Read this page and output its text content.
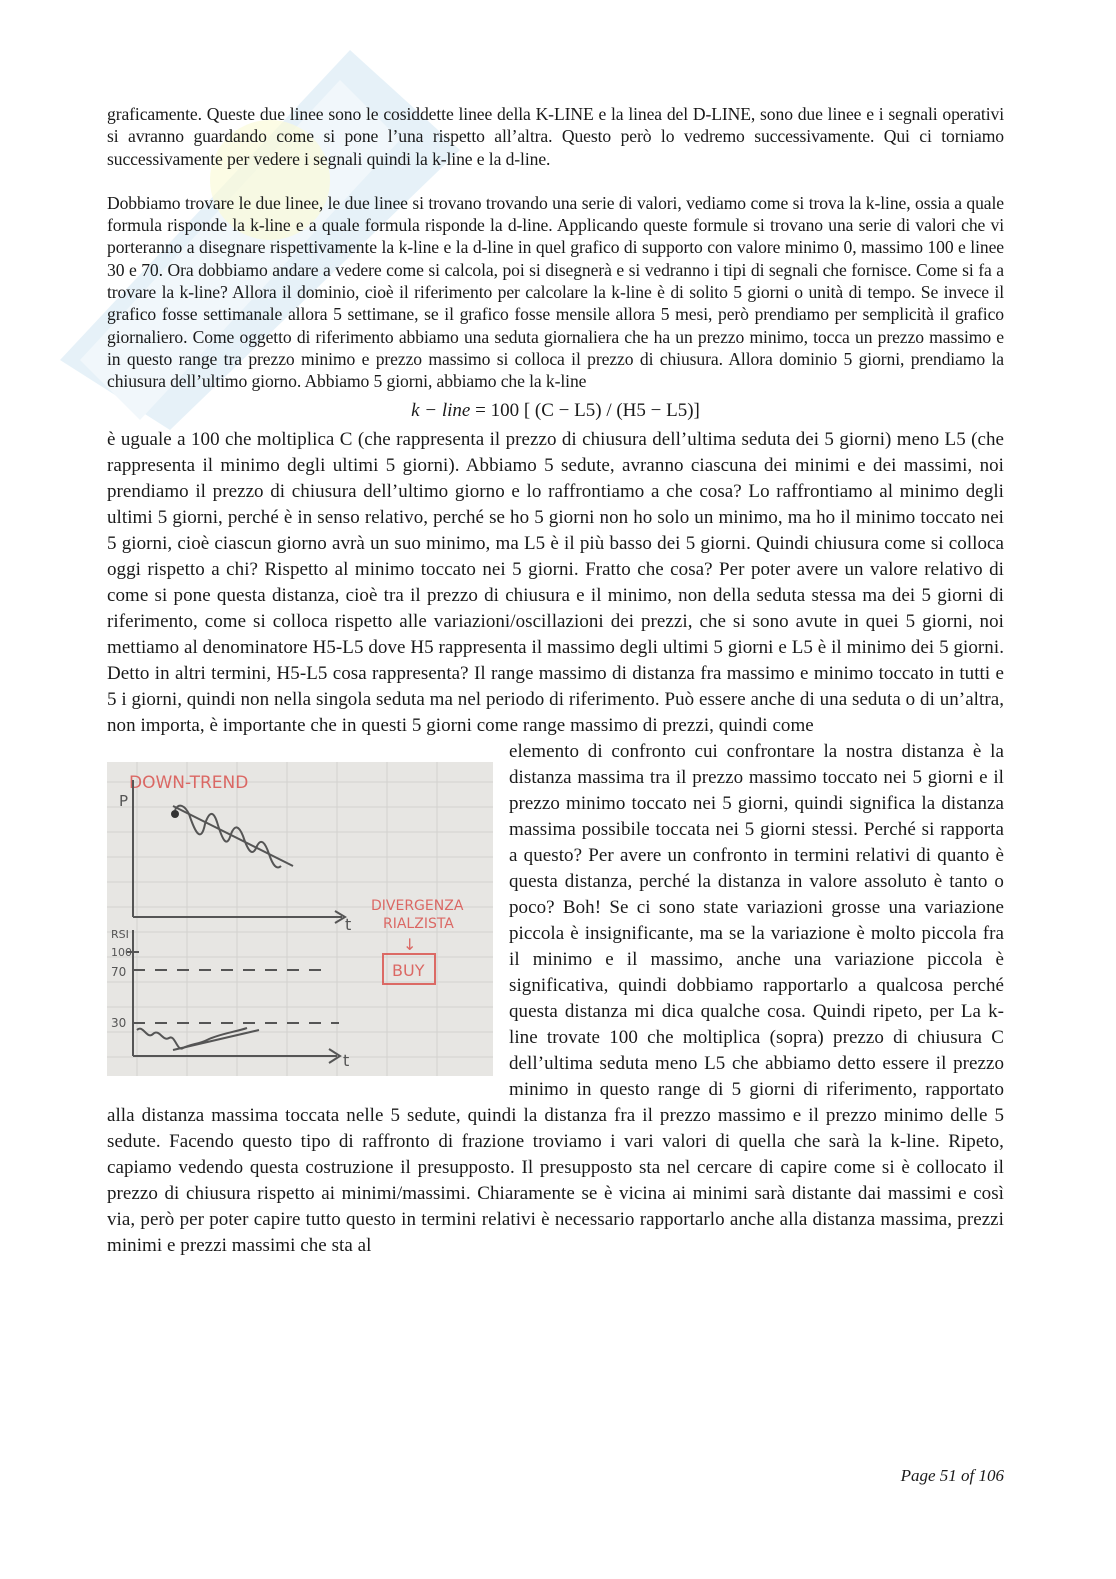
graficamente. Queste due linee sono le cosiddette linee della K-LINE e la linea del D-LINE, sono due linee e i segnali operativi si avranno guardando come si pone l’una rispetto all’altra. Questo però lo vedremo successivamente. Qui ci torniamo successivamente per vedere i segnali quindi la k-line e la d-line.

Dobbiamo trovare le due linee, le due linee si trovano trovando una serie di valori, vediamo come si trova la k-line, ossia a quale formula risponde la k-line e a quale formula risponde la d-line. Applicando queste formule si trovano una serie di valori che vi porteranno a disegnare rispettivamente la k-line e la d-line in quel grafico di supporto con valore minimo 0, massimo 100 e linee 30 e 70. Ora dobbiamo andare a vedere come si calcola, poi si disegnerà e si vedranno i tipi di segnali che fornisce. Come si fa a trovare la k-line? Allora il dominio, cioè il riferimento per calcolare la k-line è di solito 5 giorni o unità di tempo. Se invece il grafico fosse settimanale allora 5 settimane, se il grafico fosse mensile allora 5 mesi, però prendiamo per semplicità il grafico giornaliero. Come oggetto di riferimento abbiamo una seduta giornaliera che ha un prezzo minimo, tocca un prezzo massimo e in questo range tra prezzo minimo e prezzo massimo si colloca il prezzo di chiusura. Allora dominio 5 giorni, prendiamo la chiusura dell’ultimo giorno. Abbiamo 5 giorni, abbiamo che la k-line

k − line = 100 [ (C − L5) / (H5 − L5)]

è uguale a 100 che moltiplica C (che rappresenta il prezzo di chiusura dell’ultima seduta dei 5 giorni) meno L5 (che rappresenta il minimo degli ultimi 5 giorni). Abbiamo 5 sedute, avranno ciascuna dei minimi e dei massimi, noi prendiamo il prezzo di chiusura dell’ultimo giorno e lo raffrontiamo a che cosa? Lo raffrontiamo al minimo degli ultimi 5 giorni, perché è in senso relativo, perché se ho 5 giorni non ho solo un minimo, ma ho il minimo toccato nei 5 giorni, cioè ciascun giorno avrà un suo minimo, ma L5 è il più basso dei 5 giorni. Quindi chiusura come si colloca oggi rispetto a chi? Rispetto al minimo toccato nei 5 giorni. Fratto che cosa? Per poter avere un valore relativo di come si pone questa distanza, cioè tra il prezzo di chiusura e il minimo, non della seduta stessa ma dei 5 giorni di riferimento, come si colloca rispetto alle variazioni/oscillazioni dei prezzi, che si sono avute in quei 5 giorni, noi mettiamo al denominatore H5-L5 dove H5 rappresenta il massimo degli ultimi 5 giorni e L5 è il minimo dei 5 giorni. Detto in altri termini, H5-L5 cosa rappresenta? Il range massimo di distanza fra massimo e minimo toccato in tutti e 5 i giorni, quindi non nella singola seduta ma nel periodo di riferimento. Può essere anche di una seduta o di un’altra, non importa, è importante che in questi 5 giorni come range massimo di prezzi, quindi come

DOWN-TREND
P
t
RSI
100
70
30
t
DIVERGENZA
RIALZISTA
↓
BUY

elemento di confronto cui confrontare la nostra distanza è la distanza massima tra il prezzo massimo toccato nei 5 giorni e il prezzo minimo toccato nei 5 giorni, quindi significa la distanza massima possibile toccata nei 5 giorni stessi. Perché si rapporta a questo? Per avere un confronto in termini relativi di quanto è questa distanza, perché la distanza in valore assoluto è tanto o poco? Boh! Se ci sono state variazioni grosse una variazione piccola è insignificante, ma se la variazione è molto piccola fra il minimo e il massimo, anche una variazione piccola è significativa, quindi dobbiamo rapportarlo a qualcosa perché questa distanza mi dica qualche cosa. Quindi ripeto, per La k-line trovate 100 che moltiplica (sopra) prezzo di chiusura C dell’ultima seduta meno L5 che abbiamo detto essere il prezzo minimo in questo range di 5 giorni di riferimento, rapportato alla distanza massima toccata nelle 5 sedute, quindi la distanza fra il prezzo massimo e il prezzo minimo delle 5 sedute. Facendo questo tipo di raffronto di frazione troviamo i vari valori di quella che sarà la k-line. Ripeto, capiamo vedendo questa costruzione il presupposto. Il presupposto sta nel cercare di capire come si è collocato il prezzo di chiusura rispetto ai minimi/massimi. Chiaramente se è vicina ai minimi sarà distante dai massimi e così via, però per poter capire tutto questo in termini relativi è necessario rapportarlo anche alla distanza massima, prezzi minimi e prezzi massimi che sta al

Page 51 of 106
